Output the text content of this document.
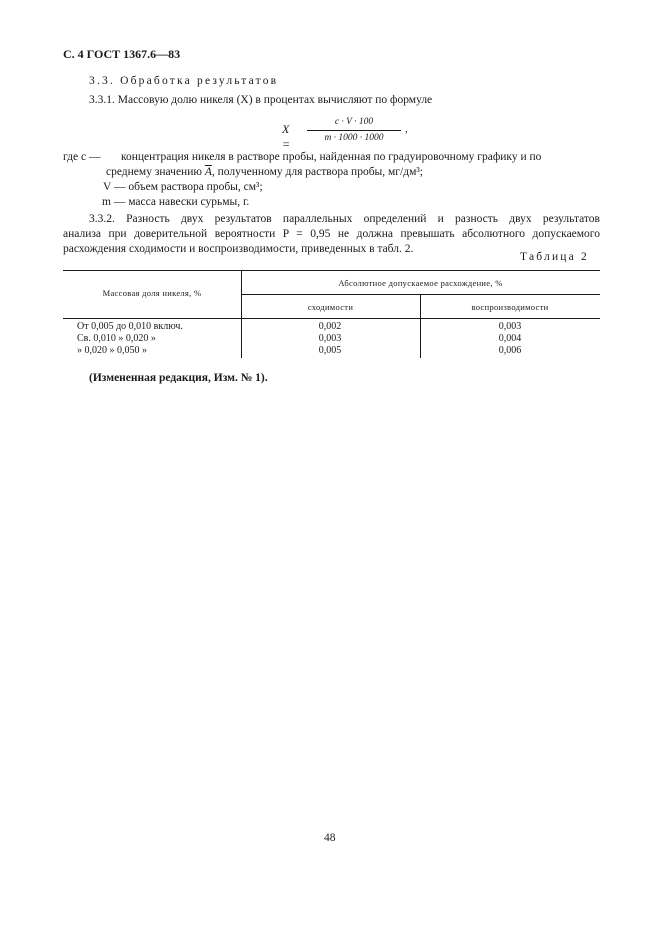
С. 4 ГОСТ 1367.6—83
3.3. Обработка результатов
3.3.1. Массовую долю никеля (X) в процентах вычисляют по формуле
X =
c · V · 100
m · 1000 · 1000
,
где c — концентрация никеля в растворе пробы, найденная по градуировочному графику и по
среднему значению $\overline{A}$, полученному для раствора пробы, мг/дм³;
V — объем раствора пробы, см³;
m — масса навески сурьмы, г.
3.3.2. Разность двух результатов параллельных определений и разность двух результатов
анализа при доверительной вероятности P = 0,95 не должна превышать абсолютного допускаемого
расхождения сходимости и воспроизводимости, приведенных в табл. 2.
Таблица 2
Массовая доля никеля, %
Абсолютное допускаемое расхождение, %
сходимости	воспроизводимости
От 0,005 до 0,010 включ.	0,002	0,003
Св. 0,010 » 0,020 »	0,003	0,004
» 0,020 » 0,050 »	0,005	0,006
(Измененная редакция, Изм. № 1).
48
